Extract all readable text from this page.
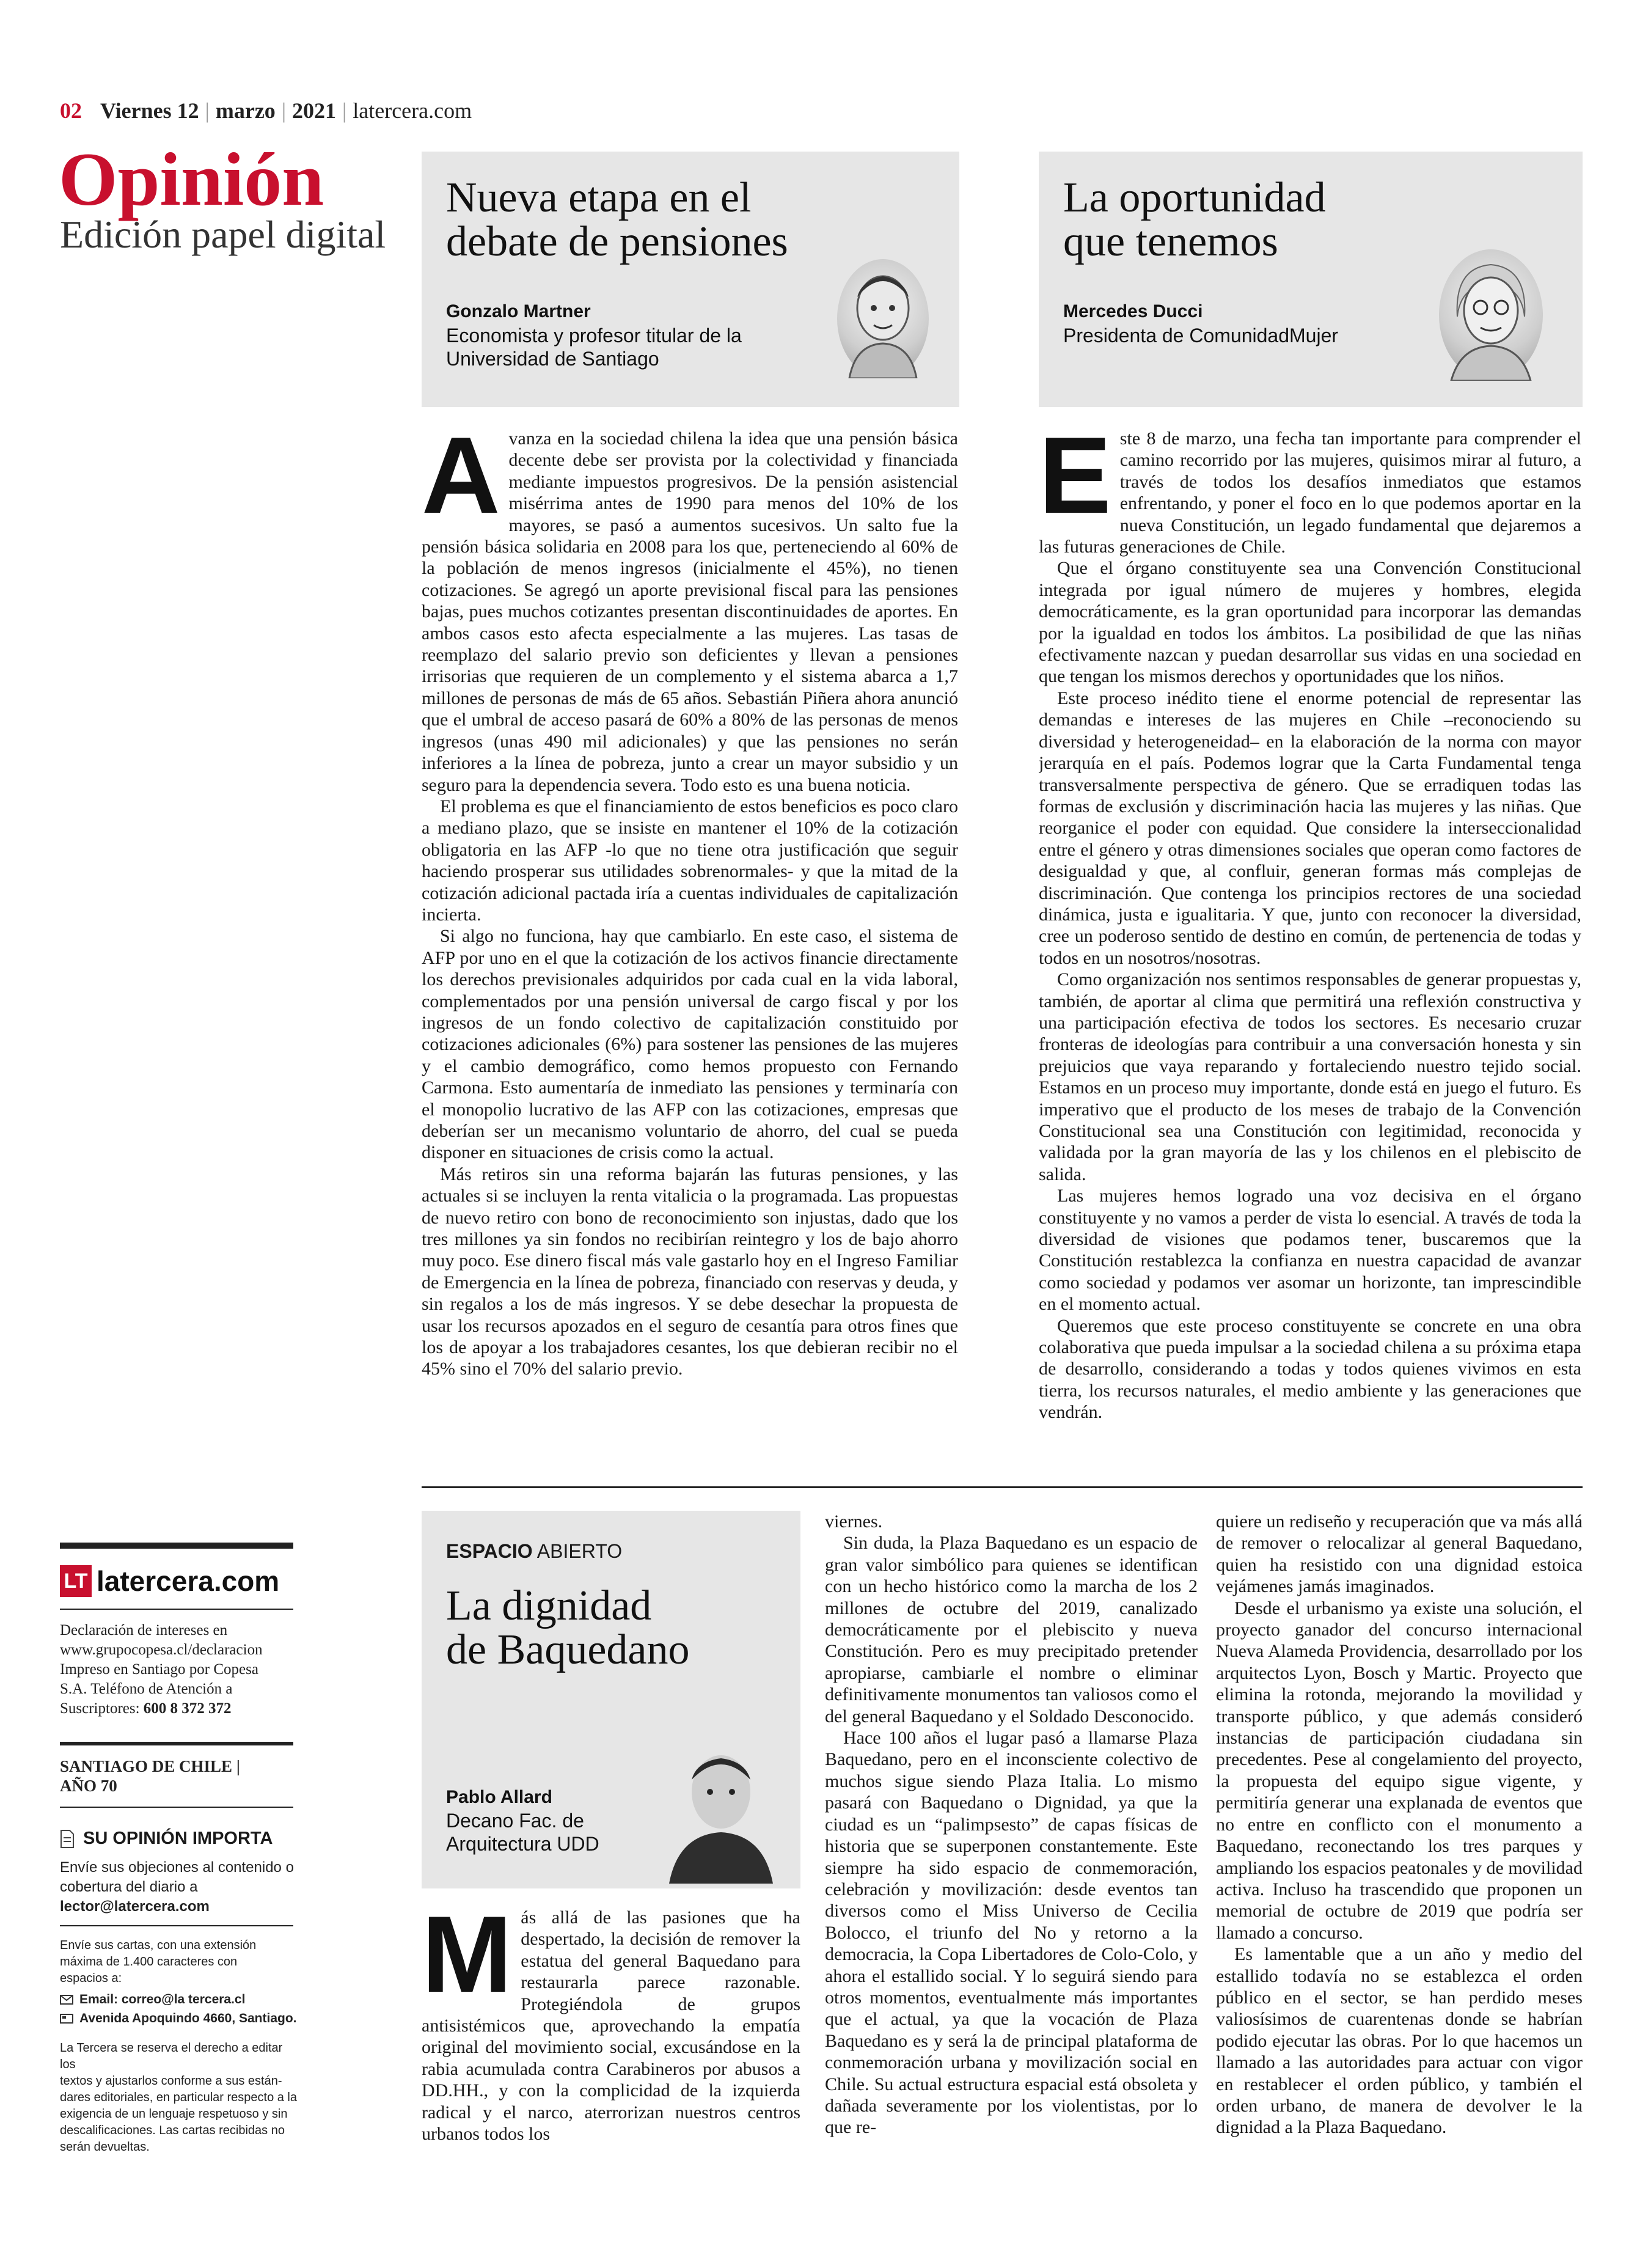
02 Viernes 12 | marzo | 2021 | latercera.com
Opinión
Edición papel digital
Nueva etapa en el
debate de pensiones
Gonzalo Martner
Economista y profesor titular de la
Universidad de Santiago
La oportunidad
que tenemos
Mercedes Ducci
Presidenta de ComunidadMujer
A vanza en la sociedad chilena la idea que una pensión básica decente debe ser provista por la colectividad y financiada mediante impuestos progresivos. De la pensión asistencial misérrima antes de 1990 para menos del 10% de los mayores, se pasó a aumentos sucesivos. Un salto fue la pensión básica solidaria en 2008 para los que, perteneciendo al 60% de la población de menos ingresos (inicialmente el 45%), no tienen cotizaciones. Se agregó un aporte previsional fiscal para las pensiones bajas, pues muchos cotizantes presentan discontinuidades de aportes. En ambos casos esto afecta especialmente a las mujeres. Las tasas de reemplazo del salario previo son deficientes y llevan a pensiones irrisorias que requieren de un complemento y el sistema abarca a 1,7 millones de personas de más de 65 años. Sebastián Piñera ahora anunció que el umbral de acceso pasará de 60% a 80% de las personas de menos ingresos (unas 490 mil adicionales) y que las pensiones no serán inferiores a la línea de pobreza, junto a crear un mayor subsidio y un seguro para la dependencia severa. Todo esto es una buena noticia.

El problema es que el financiamiento de estos beneficios es poco claro a mediano plazo, que se insiste en mantener el 10% de la cotización obligatoria en las AFP -lo que no tiene otra justificación que seguir haciendo prosperar sus utilidades sobrenormales- y que la mitad de la cotización adicional pactada iría a cuentas individuales de capitalización incierta.

Si algo no funciona, hay que cambiarlo. En este caso, el sistema de AFP por uno en el que la cotización de los activos financie directamente los derechos previsionales adquiridos por cada cual en la vida laboral, complementados por una pensión universal de cargo fiscal y por los ingresos de un fondo colectivo de capitalización constituido por cotizaciones adicionales (6%) para sostener las pensiones de las mujeres y el cambio demográfico, como hemos propuesto con Fernando Carmona. Esto aumentaría de inmediato las pensiones y terminaría con el monopolio lucrativo de las AFP con las cotizaciones, empresas que deberían ser un mecanismo voluntario de ahorro, del cual se pueda disponer en situaciones de crisis como la actual.

Más retiros sin una reforma bajarán las futuras pensiones, y las actuales si se incluyen la renta vitalicia o la programada. Las propuestas de nuevo retiro con bono de reconocimiento son injustas, dado que los tres millones ya sin fondos no recibirían reintegro y los de bajo ahorro muy poco. Ese dinero fiscal más vale gastarlo hoy en el Ingreso Familiar de Emergencia en la línea de pobreza, financiado con reservas y deuda, y sin regalos a los de más ingresos. Y se debe desechar la propuesta de usar los recursos apozados en el seguro de cesantía para otros fines que los de apoyar a los trabajadores cesantes, los que debieran recibir no el 45% sino el 70% del salario previo.

E ste 8 de marzo, una fecha tan importante para comprender el camino recorrido por las mujeres, quisimos mirar al futuro, a través de todos los desafíos inmediatos que estamos enfrentando, y poner el foco en lo que podemos aportar en la nueva Constitución, un legado fundamental que dejaremos a las futuras generaciones de Chile.

Que el órgano constituyente sea una Convención Constitucional integrada por igual número de mujeres y hombres, elegida democráticamente, es la gran oportunidad para incorporar las demandas por la igualdad en todos los ámbitos. La posibilidad de que las niñas efectivamente nazcan y puedan desarrollar sus vidas en una sociedad en que tengan los mismos derechos y oportunidades que los niños.

Este proceso inédito tiene el enorme potencial de representar las demandas e intereses de las mujeres en Chile –reconociendo su diversidad y heterogeneidad– en la elaboración de la norma con mayor jerarquía en el país. Podemos lograr que la Carta Fundamental tenga transversalmente perspectiva de género. Que se erradiquen todas las formas de exclusión y discriminación hacia las mujeres y las niñas. Que reorganice el poder con equidad. Que considere la interseccionalidad entre el género y otras dimensiones sociales que operan como factores de desigualdad y que, al confluir, generan formas más complejas de discriminación. Que contenga los principios rectores de una sociedad dinámica, justa e igualitaria. Y que, junto con reconocer la diversidad, cree un poderoso sentido de destino en común, de pertenencia de todas y todos en un nosotros/nosotras.

Como organización nos sentimos responsables de generar propuestas y, también, de aportar al clima que permitirá una reflexión constructiva y una participación efectiva de todos los sectores. Es necesario cruzar fronteras de ideologías para contribuir a una conversación honesta y sin prejuicios que vaya reparando y fortaleciendo nuestro tejido social. Estamos en un proceso muy importante, donde está en juego el futuro. Es imperativo que el producto de los meses de trabajo de la Convención Constitucional sea una Constitución con legitimidad, reconocida y validada por la gran mayoría de las y los chilenos en el plebiscito de salida.

Las mujeres hemos logrado una voz decisiva en el órgano constituyente y no vamos a perder de vista lo esencial. A través de toda la diversidad de visiones que podamos tener, buscaremos que la Constitución restablezca la confianza en nuestra capacidad de avanzar como sociedad y podamos ver asomar un horizonte, tan imprescindible en el momento actual.

Queremos que este proceso constituyente se concrete en una obra colaborativa que pueda impulsar a la sociedad chilena a su próxima etapa de desarrollo, considerando a todas y todos quienes vivimos en esta tierra, los recursos naturales, el medio ambiente y las generaciones que vendrán.

ESPACIO ABIERTO
La dignidad
de Baquedano
Pablo Allard
Decano Fac. de
Arquitectura UDD
M ás allá de las pasiones que ha despertado, la decisión de remover la estatua del general Baquedano para restaurarla parece razonable. Protegiéndola de grupos antisistémicos que, aprovechando la empatía original del movimiento social, excusándose en la rabia acumulada contra Carabineros por abusos a DD.HH., y con la complicidad de la izquierda radical y el narco, aterrorizan nuestros centros urbanos todos los

viernes.

Sin duda, la Plaza Baquedano es un espacio de gran valor simbólico para quienes se identifican con un hecho histórico como la marcha de los 2 millones de octubre del 2019, canalizado democráticamente por el plebiscito y nueva Constitución. Pero es muy precipitado pretender apropiarse, cambiarle el nombre o eliminar definitivamente monumentos tan valiosos como el del general Baquedano y el Soldado Desconocido.

Hace 100 años el lugar pasó a llamarse Plaza Baquedano, pero en el inconsciente colectivo de muchos sigue siendo Plaza Italia. Lo mismo pasará con Baquedano o Dignidad, ya que la ciudad es un “palimpsesto” de capas físicas de historia que se superponen constantemente. Este siempre ha sido espacio de conmemoración, celebración y movilización: desde eventos tan diversos como el Miss Universo de Cecilia Bolocco, el triunfo del No y retorno a la democracia, la Copa Libertadores de Colo-Colo, y ahora el estallido social. Y lo seguirá siendo para otros momentos, eventualmente más importantes que el actual, ya que la vocación de Plaza Baquedano es y será la de principal plataforma de conmemoración urbana y movilización social en Chile. Su actual estructura espacial está obsoleta y dañada severamente por los violentistas, por lo que re-

quiere un rediseño y recuperación que va más allá de remover o relocalizar al general Baquedano, quien ha resistido con una dignidad estoica vejámenes jamás imaginados.

Desde el urbanismo ya existe una solución, el proyecto ganador del concurso internacional Nueva Alameda Providencia, desarrollado por los arquitectos Lyon, Bosch y Martic. Proyecto que elimina la rotonda, mejorando la movilidad y transporte público, y que además consideró instancias de participación ciudadana sin precedentes. Pese al congelamiento del proyecto, la propuesta del equipo sigue vigente, y permitiría generar una explanada de eventos que no entre en conflicto con el monumento a Baquedano, reconectando los tres parques y ampliando los espacios peatonales y de movilidad activa. Incluso ha trascendido que proponen un memorial de octubre de 2019 que podría ser llamado a concurso.

Es lamentable que a un año y medio del estallido todavía no se establezca el orden público en el sector, se han perdido meses valiosísimos de cuarentenas donde se habrían podido ejecutar las obras. Por lo que hacemos un llamado a las autoridades para actuar con vigor en restablecer el orden público, y también el orden urbano, de manera de devolver le la dignidad a la Plaza Baquedano.

LT latercera.com
Declaración de intereses en
www.grupocopesa.cl/declaracion
Impreso en Santiago por Copesa
S.A. Teléfono de Atención a
Suscriptores: 600 8 372 372
SANTIAGO DE CHILE |
AÑO 70
SU OPINIÓN IMPORTA
Envíe sus objeciones al contenido o
cobertura del diario a
lector@latercera.com
Envíe sus cartas, con una extensión
máxima de 1.400 caracteres con
espacios a:
Email: correo@la tercera.cl
Avenida Apoquindo 4660, Santiago.
La Tercera se reserva el derecho a editar los
textos y ajustarlos conforme a sus están-
dares editoriales, en particular respecto a la
exigencia de un lenguaje respetuoso y sin
descalificaciones. Las cartas recibidas no
serán devueltas.
